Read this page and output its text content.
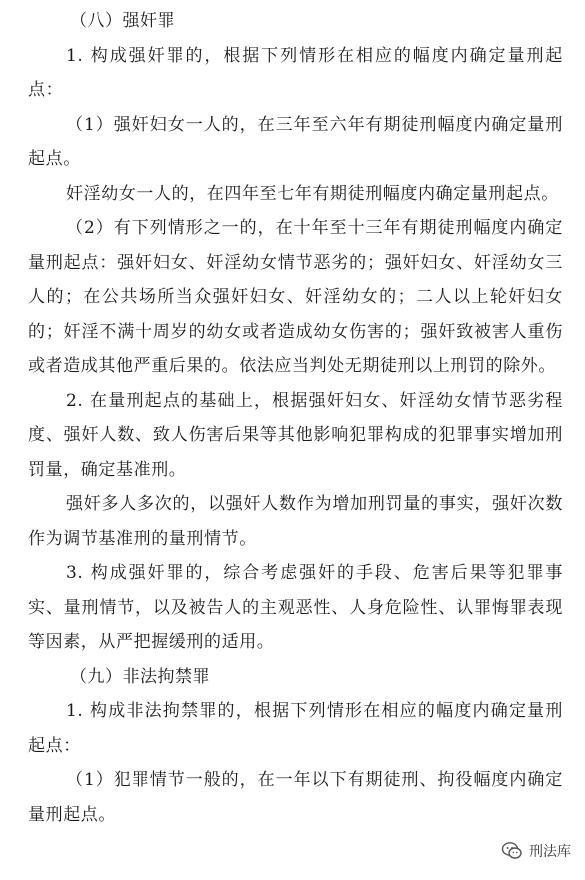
（八）强奸罪

1. 构成强奸罪的，根据下列情形在相应的幅度内确定量刑起点：

（1）强奸妇女一人的，在三年至六年有期徒刑幅度内确定量刑起点。

奸淫幼女一人的，在四年至七年有期徒刑幅度内确定量刑起点。

（2）有下列情形之一的，在十年至十三年有期徒刑幅度内确定量刑起点：强奸妇女、奸淫幼女情节恶劣的；强奸妇女、奸淫幼女三人的；在公共场所当众强奸妇女、奸淫幼女的；二人以上轮奸妇女的；奸淫不满十周岁的幼女或者造成幼女伤害的；强奸致被害人重伤或者造成其他严重后果的。依法应当判处无期徒刑以上刑罚的除外。

2. 在量刑起点的基础上，根据强奸妇女、奸淫幼女情节恶劣程度、强奸人数、致人伤害后果等其他影响犯罪构成的犯罪事实增加刑罚量，确定基准刑。

强奸多人多次的，以强奸人数作为增加刑罚量的事实，强奸次数作为调节基准刑的量刑情节。

3. 构成强奸罪的，综合考虑强奸的手段、危害后果等犯罪事实、量刑情节，以及被告人的主观恶性、人身危险性、认罪悔罪表现等因素，从严把握缓刑的适用。

（九）非法拘禁罪

1. 构成非法拘禁罪的，根据下列情形在相应的幅度内确定量刑起点：

（1）犯罪情节一般的，在一年以下有期徒刑、拘役幅度内确定量刑起点。

刑法库
